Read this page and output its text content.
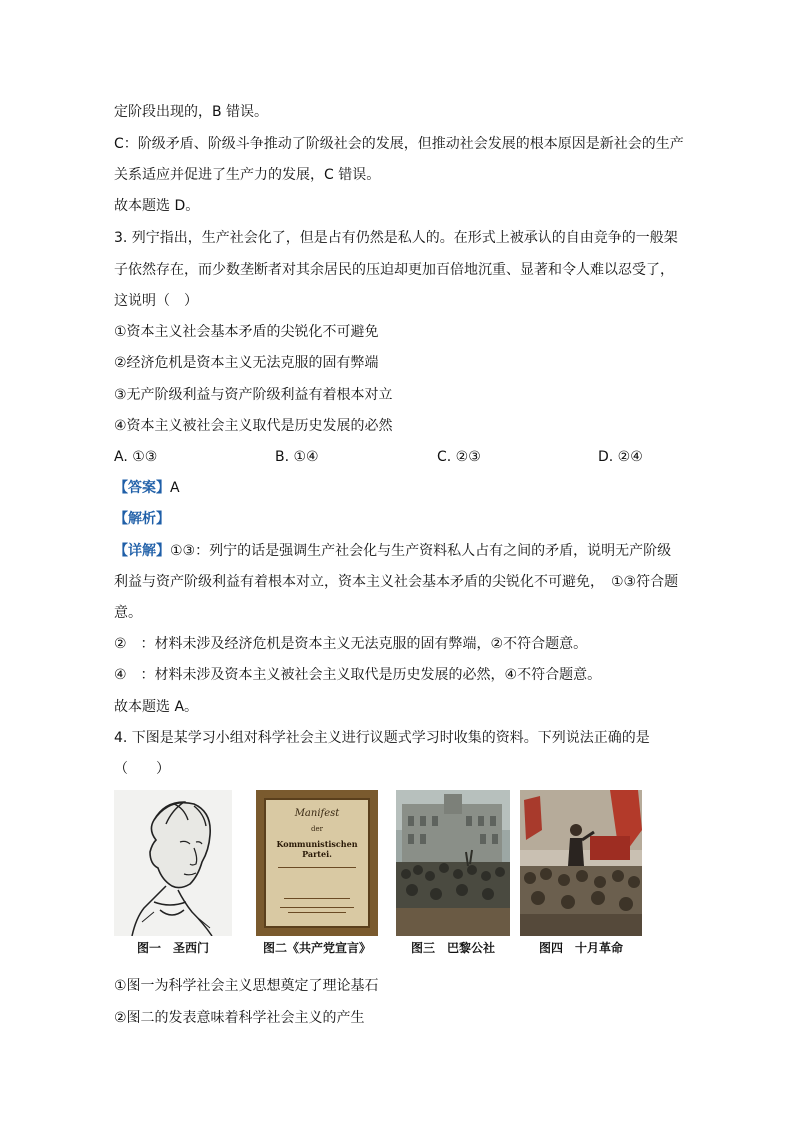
定阶段出现的，B 错误。
C：阶级矛盾、阶级斗争推动了阶级社会的发展，但推动社会发展的根本原因是新社会的生产
关系适应并促进了生产力的发展，C 错误。
故本题选 D。
3. 列宁指出，生产社会化了，但是占有仍然是私人的。在形式上被承认的自由竞争的一般架
子依然存在，而少数垄断者对其余居民的压迫却更加百倍地沉重、显著和令人难以忍受了，
这说明（　）
①资本主义社会基本矛盾的尖锐化不可避免
②经济危机是资本主义无法克服的固有弊端
③无产阶级利益与资产阶级利益有着根本对立
④资本主义被社会主义取代是历史发展的必然
A. ①③	B. ①④	C. ②③	D. ②④
【答案】A
【解析】
【详解】①③：列宁的话是强调生产社会化与生产资料私人占有之间的矛盾，说明无产阶级
利益与资产阶级利益有着根本对立，资本主义社会基本矛盾的尖锐化不可避免，　①③符合题
意。
②　：材料未涉及经济危机是资本主义无法克服的固有弊端，②不符合题意。
④　：材料未涉及资本主义被社会主义取代是历史发展的必然，④不符合题意。
故本题选 A。
4. 下图是某学习小组对科学社会主义进行议题式学习时收集的资料。下列说法正确的是
（　　）
Manifest
der
Kommunistischen Partei.
图一　圣西门	图二《共产党宣言》	图三　巴黎公社	图四　十月革命
①图一为科学社会主义思想奠定了理论基石
②图二的发表意味着科学社会主义的产生
